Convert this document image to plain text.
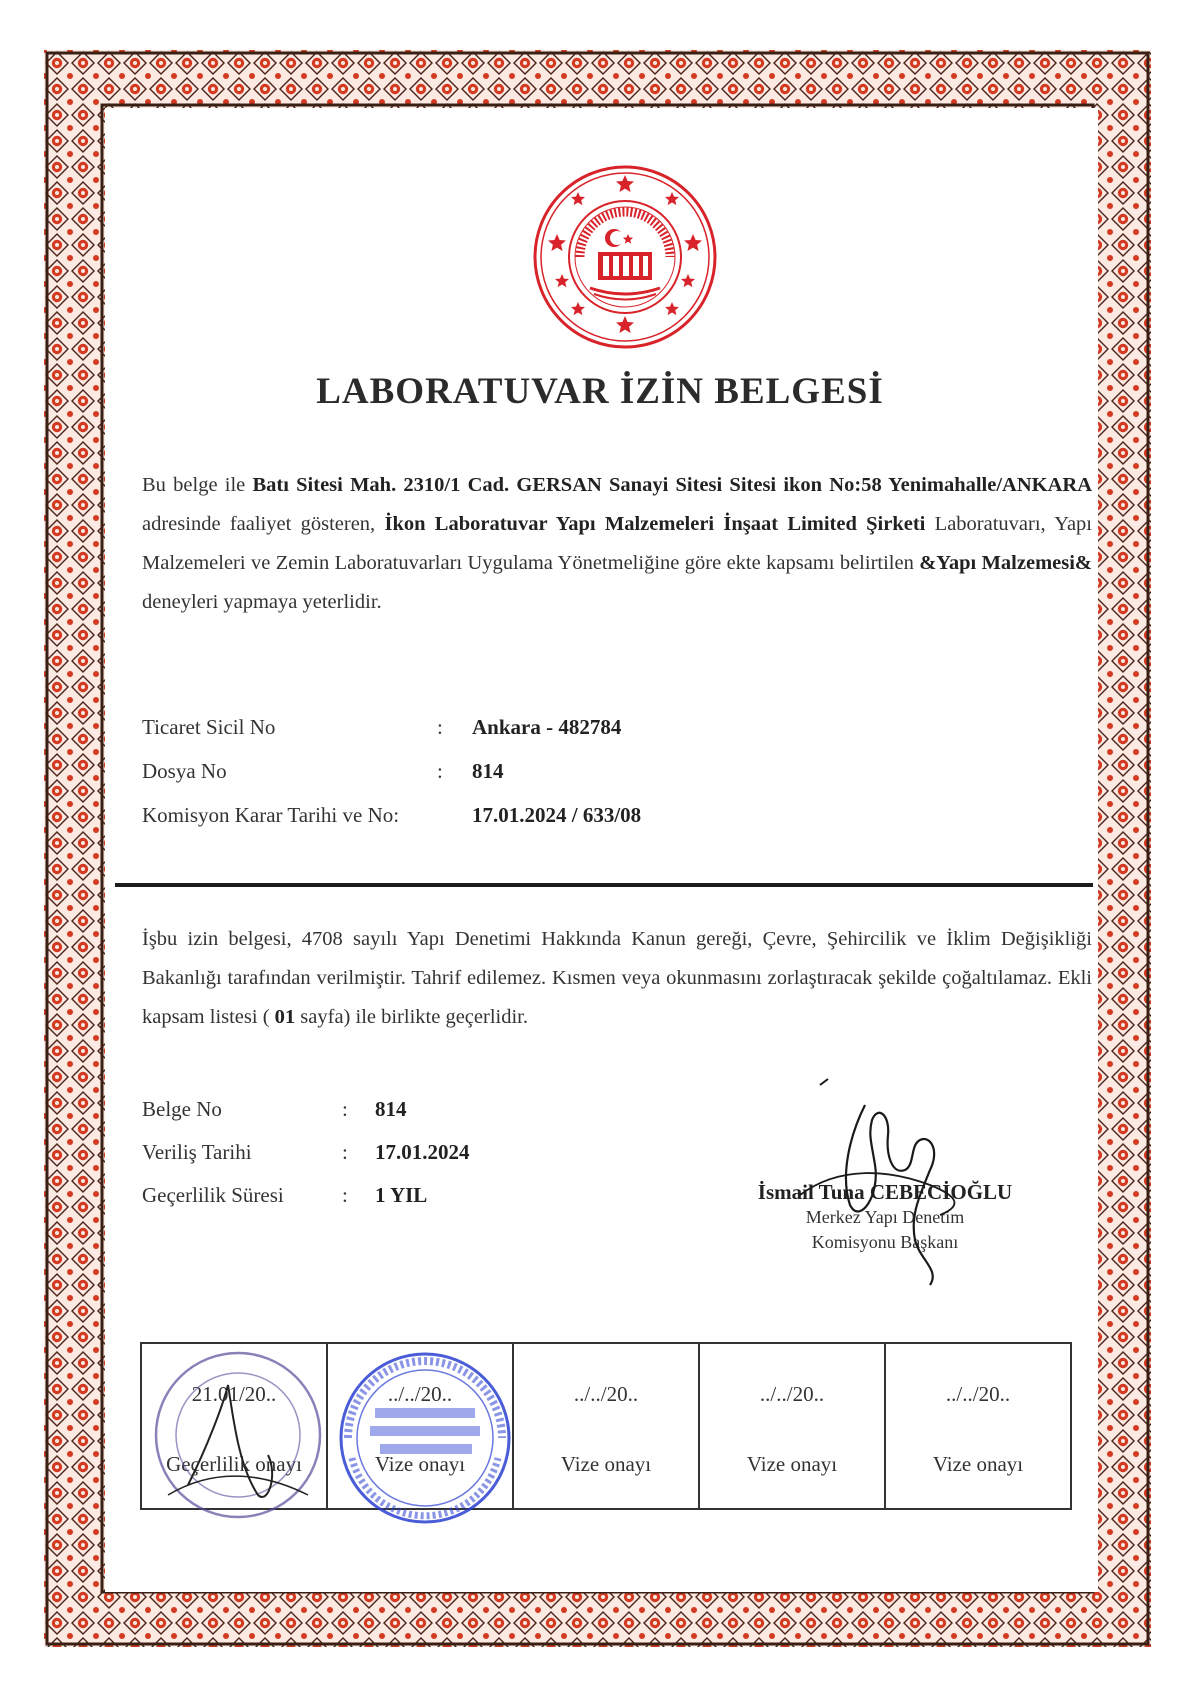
LABORATUVAR İZİN BELGESİ
Bu belge ile Batı Sitesi Mah. 2310/1 Cad. GERSAN Sanayi Sitesi Sitesi ikon No:58 Yenimahalle/ANKARA adresinde faaliyet gösteren, İkon Laboratuvar Yapı Malzemeleri İnşaat Limited Şirketi Laboratuvarı, Yapı Malzemeleri ve Zemin Laboratuvarları Uygulama Yönetmeliğine göre ekte kapsamı belirtilen &Yapı Malzemesi& deneyleri yapmaya yeterlidir.
Ticaret Sicil No	: Ankara - 482784
Dosya No	: 814
Komisyon Karar Tarihi ve No:	17.01.2024 / 633/08
İşbu izin belgesi, 4708 sayılı Yapı Denetimi Hakkında Kanun gereği, Çevre, Şehircilik ve İklim Değişikliği Bakanlığı tarafından verilmiştir. Tahrif edilemez. Kısmen veya okunmasını zorlaştıracak şekilde çoğaltılamaz. Ekli kapsam listesi ( 01 sayfa) ile birlikte geçerlidir.
Belge No	: 814
Veriliş Tarihi	: 17.01.2024
Geçerlilik Süresi	: 1 YIL	İsmail Tuna CEBECİOĞLU
Merkez Yapı Denetim
Komisyonu Başkanı
21.01/20..
Geçerlilik onayı
../../20..
Vize onayı
../../20..
Vize onayı
../../20..
Vize onayı
../../20..
Vize onayı
